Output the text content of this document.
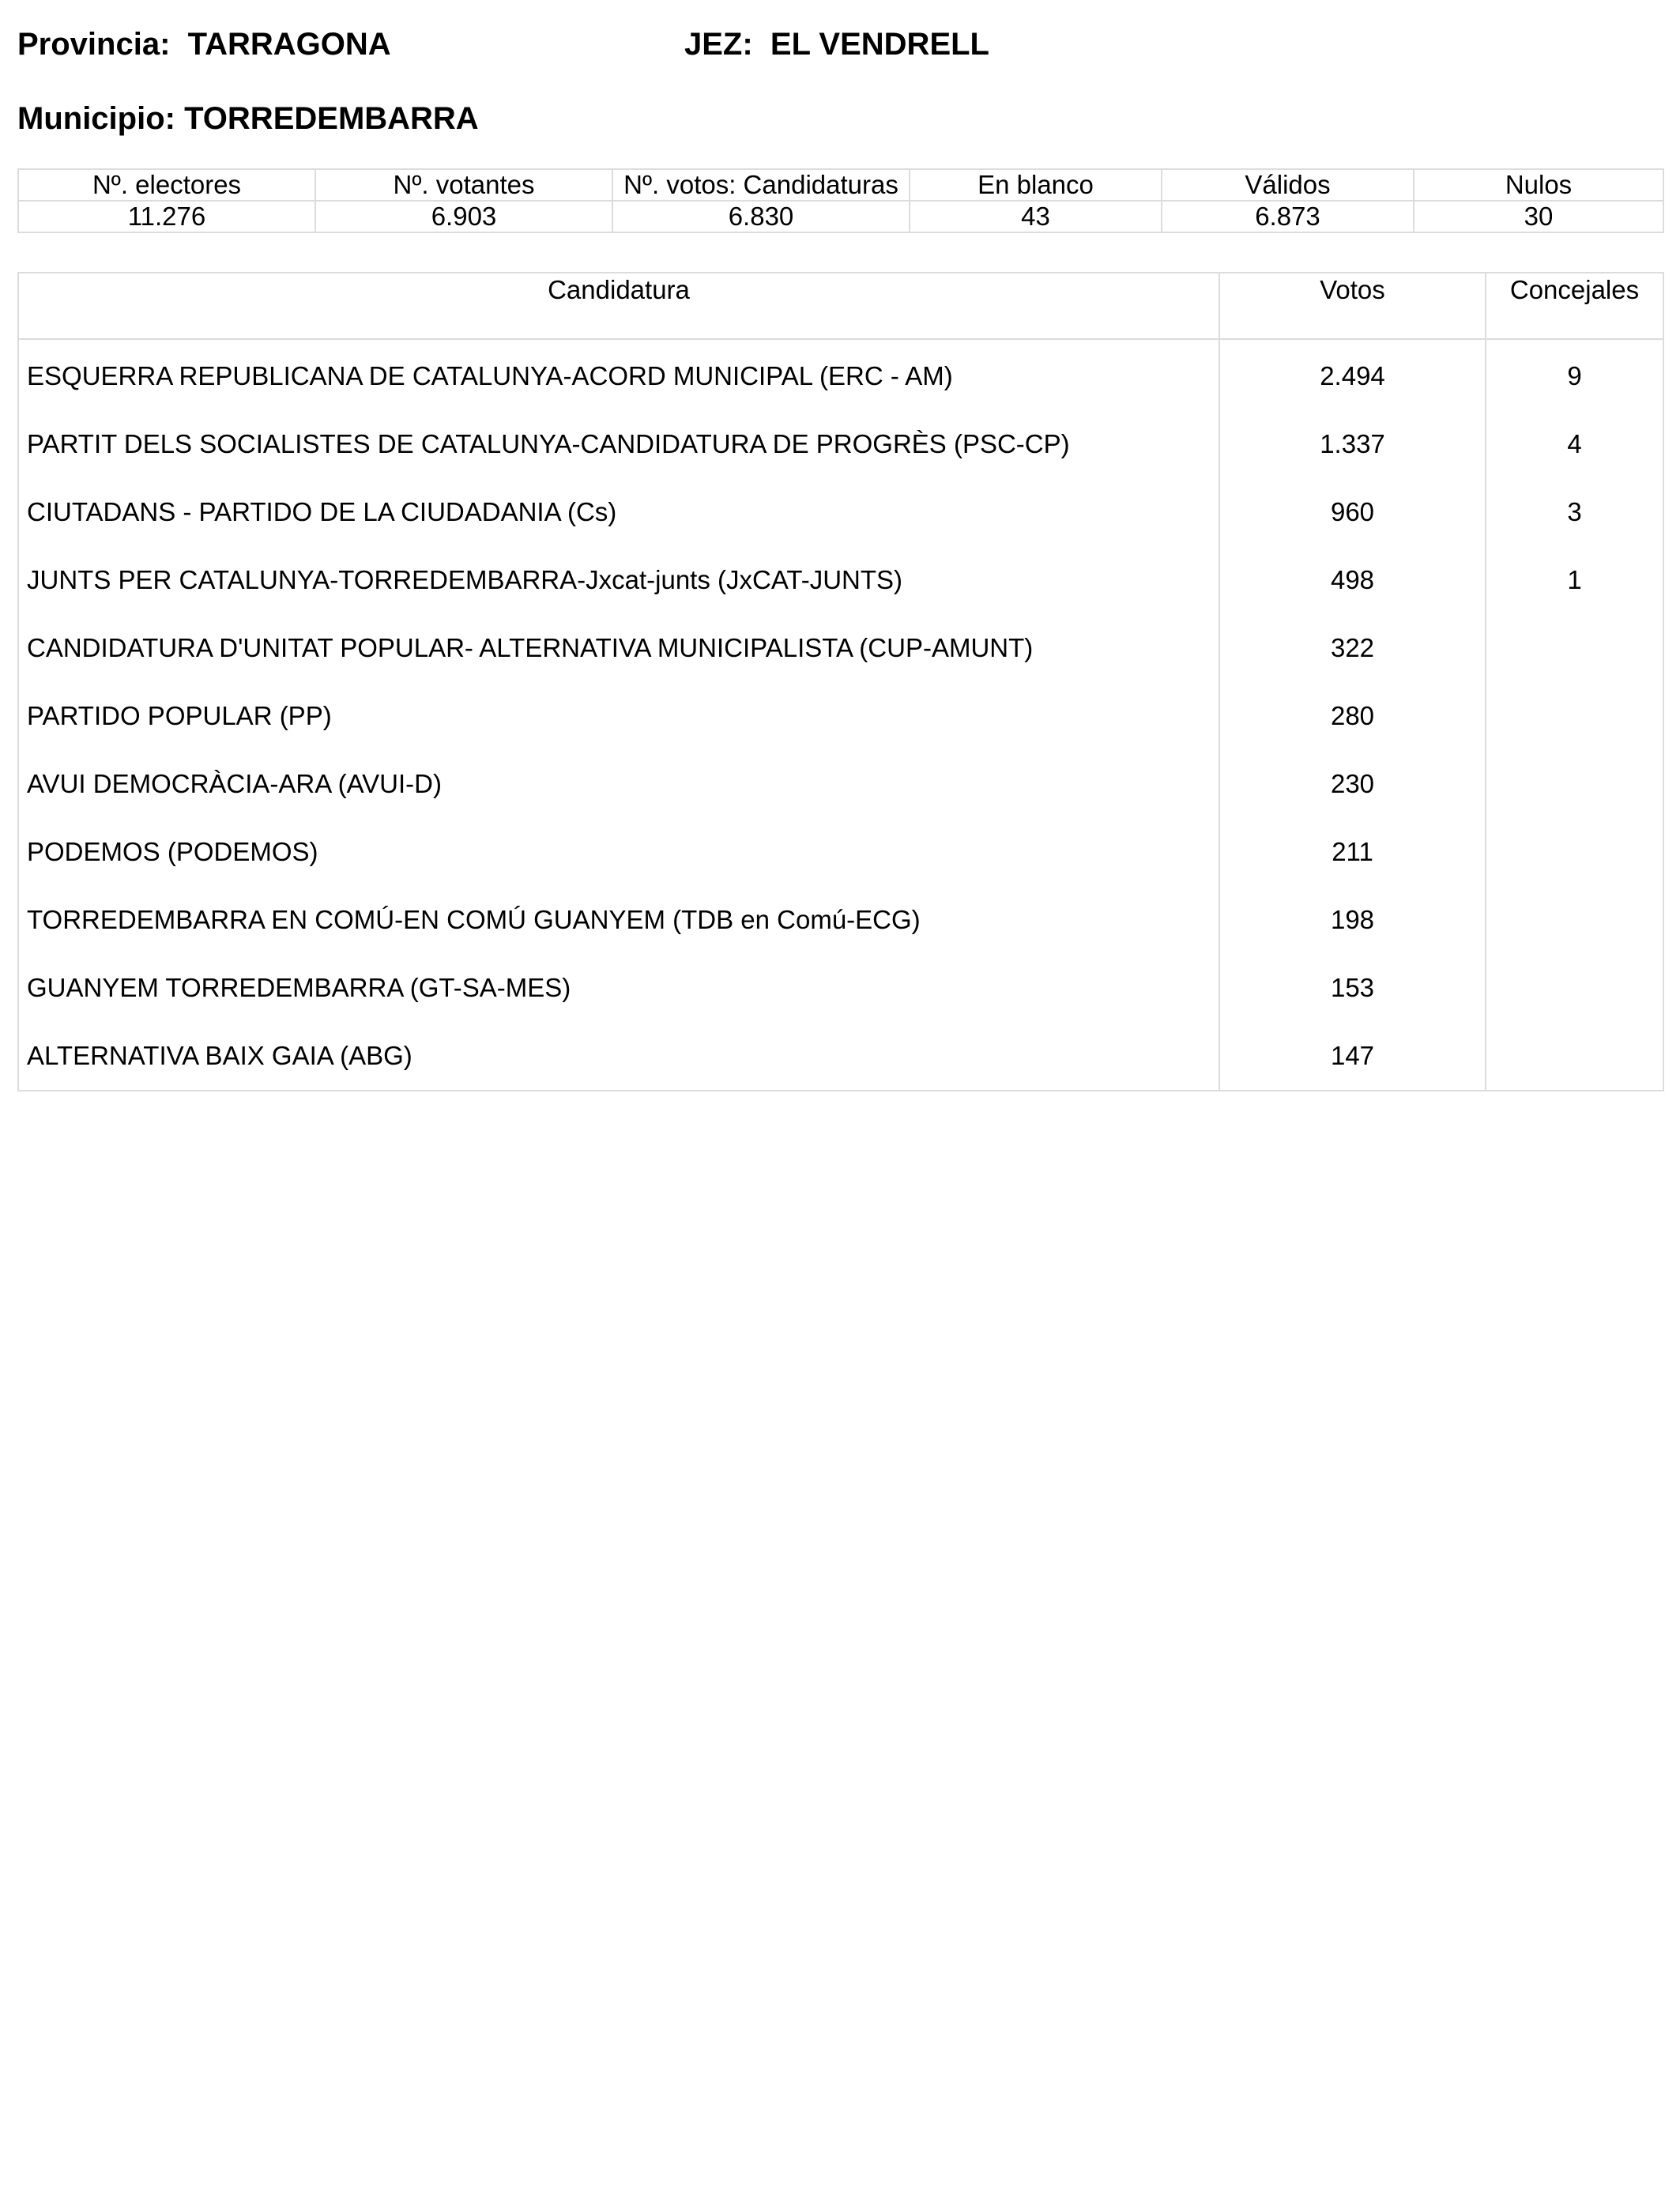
Provincia: TARRAGONA	JEZ: EL VENDRELL
Municipio: TORREDEMBARRA
Nº. electores	Nº. votantes	Nº. votos: Candidaturas	En blanco	Válidos	Nulos
11.276	6.903	6.830	43	6.873	30
Candidatura	Votos	Concejales

ESQUERRA REPUBLICANA DE CATALUNYA-ACORD MUNICIPAL (ERC - AM)	2.494	9
PARTIT DELS SOCIALISTES DE CATALUNYA-CANDIDATURA DE PROGRÈS (PSC-CP)	1.337	4
CIUTADANS - PARTIDO DE LA CIUDADANIA (Cs)	960	3
JUNTS PER CATALUNYA-TORREDEMBARRA-Jxcat-junts (JxCAT-JUNTS)	498	1
CANDIDATURA D'UNITAT POPULAR- ALTERNATIVA MUNICIPALISTA (CUP-AMUNT)	322	
PARTIDO POPULAR (PP)	280	
AVUI DEMOCRÀCIA-ARA (AVUI-D)	230	
PODEMOS (PODEMOS)	211	
TORREDEMBARRA EN COMÚ-EN COMÚ GUANYEM (TDB en Comú-ECG)	198	
GUANYEM TORREDEMBARRA (GT-SA-MES)	153	
ALTERNATIVA BAIX GAIA (ABG)	147	
